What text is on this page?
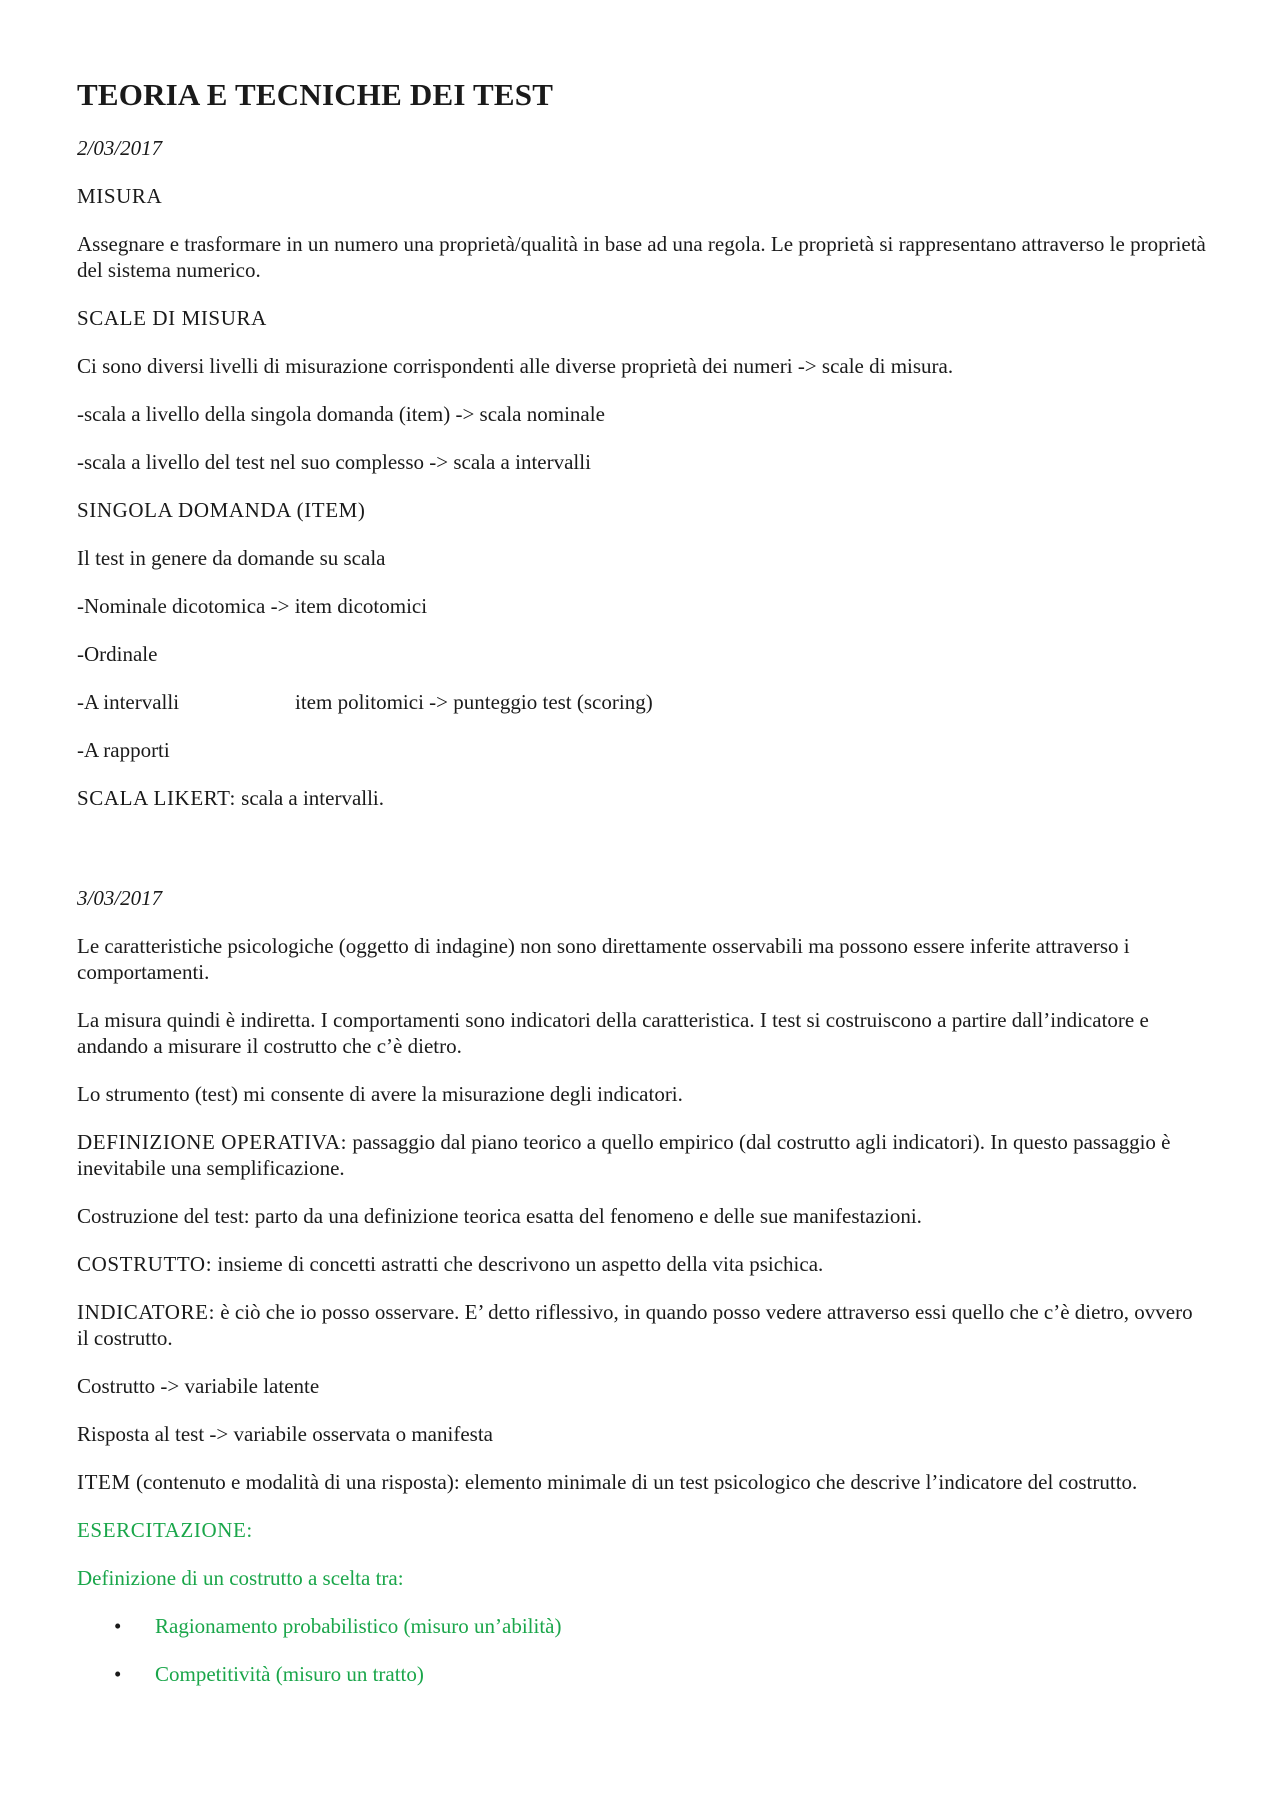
TEORIA E TECNICHE DEI TEST

2/03/2017

MISURA

Assegnare e trasformare in un numero una proprietà/qualità in base ad una regola. Le proprietà si rappresentano attraverso le proprietà del sistema numerico.

SCALE DI MISURA

Ci sono diversi livelli di misurazione corrispondenti alle diverse proprietà dei numeri -> scale di misura.

-scala a livello della singola domanda (item) -> scala nominale

-scala a livello del test nel suo complesso -> scala a intervalli

SINGOLA DOMANDA (ITEM)

Il test in genere da domande su scala

-Nominale dicotomica -> item dicotomici

-Ordinale

-A intervalli	item politomici -> punteggio test (scoring)

-A rapporti

SCALA LIKERT: scala a intervalli.

3/03/2017

Le caratteristiche psicologiche (oggetto di indagine) non sono direttamente osservabili ma possono essere inferite attraverso i comportamenti.

La misura quindi è indiretta. I comportamenti sono indicatori della caratteristica. I test si costruiscono a partire dall’indicatore e andando a misurare il costrutto che c’è dietro.

Lo strumento (test) mi consente di avere la misurazione degli indicatori.

DEFINIZIONE OPERATIVA: passaggio dal piano teorico a quello empirico (dal costrutto agli indicatori). In questo passaggio è inevitabile una semplificazione.

Costruzione del test: parto da una definizione teorica esatta del fenomeno e delle sue manifestazioni.

COSTRUTTO: insieme di concetti astratti che descrivono un aspetto della vita psichica.

INDICATORE: è ciò che io posso osservare. E’ detto riflessivo, in quando posso vedere attraverso essi quello che c’è dietro, ovvero il costrutto.

Costrutto -> variabile latente

Risposta al test -> variabile osservata o manifesta

ITEM (contenuto e modalità di una risposta): elemento minimale di un test psicologico che descrive l’indicatore del costrutto.

ESERCITAZIONE:

Definizione di un costrutto a scelta tra:

• Ragionamento probabilistico (misuro un’abilità)
• Competitività (misuro un tratto)
